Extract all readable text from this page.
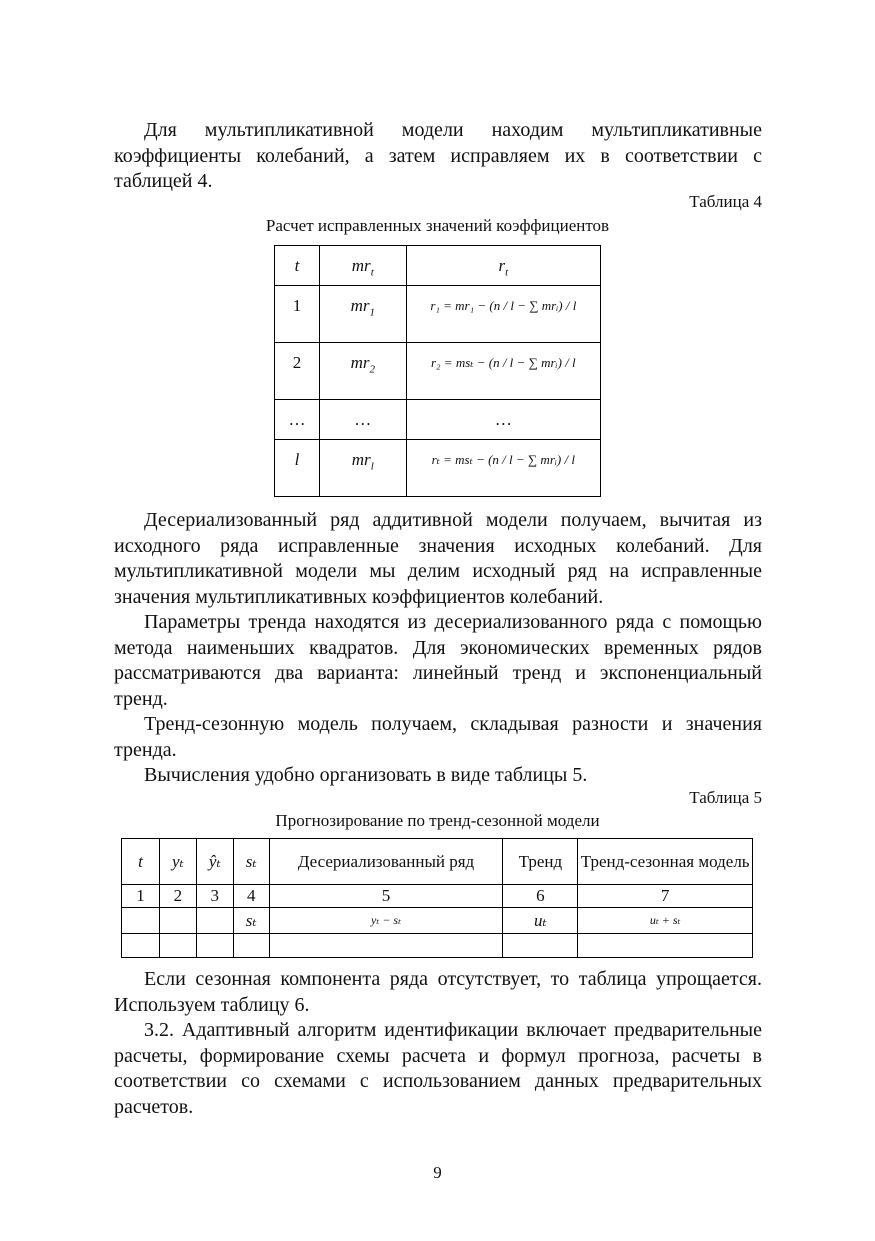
Для мультипликативной модели находим мультипликативные коэффициенты колебаний, а затем исправляем их в соответствии с таблицей 4.

Таблица 4
Расчет исправленных значений коэффициентов
t	$mr_t$	$r_t$
1	$mr_1$	r₁ = mr₁ − (n / l − ∑ mrᵢ) / l
2	$mr_2$	r₂ = msₜ − (n / l − ∑ mrᵢ) / l
…	…	…
l	$mr_l$	rₜ = msₜ − (n / l − ∑ mrᵢ) / l

Десериализованный ряд аддитивной модели получаем, вычитая из исходного ряда исправленные значения исходных колебаний. Для мультипликативной модели мы делим исходный ряд на исправленные значения мультипликативных коэффициентов колебаний.

Параметры тренда находятся из десериализованного ряда с помощью метода наименьших квадратов. Для экономических временных рядов рассматриваются два варианта: линейный тренд и экспоненциальный тренд.

Тренд-сезонную модель получаем, складывая разности и значения тренда.

Вычисления удобно организовать в виде таблицы 5.

Таблица 5
Прогнозирование по тренд-сезонной модели
t	yₜ	ŷₜ	sₜ	Десериализованный ряд	Тренд	Тренд-сезонная модель
1	2	3	4	5	6	7
			sₜ	yₜ − sₜ	uₜ	uₜ + sₜ

Если сезонная компонента ряда отсутствует, то таблица упрощается. Используем таблицу 6.

3.2. Адаптивный алгоритм идентификации включает предварительные расчеты, формирование схемы расчета и формул прогноза, расчеты в соответствии со схемами с использованием данных предварительных расчетов.

9
